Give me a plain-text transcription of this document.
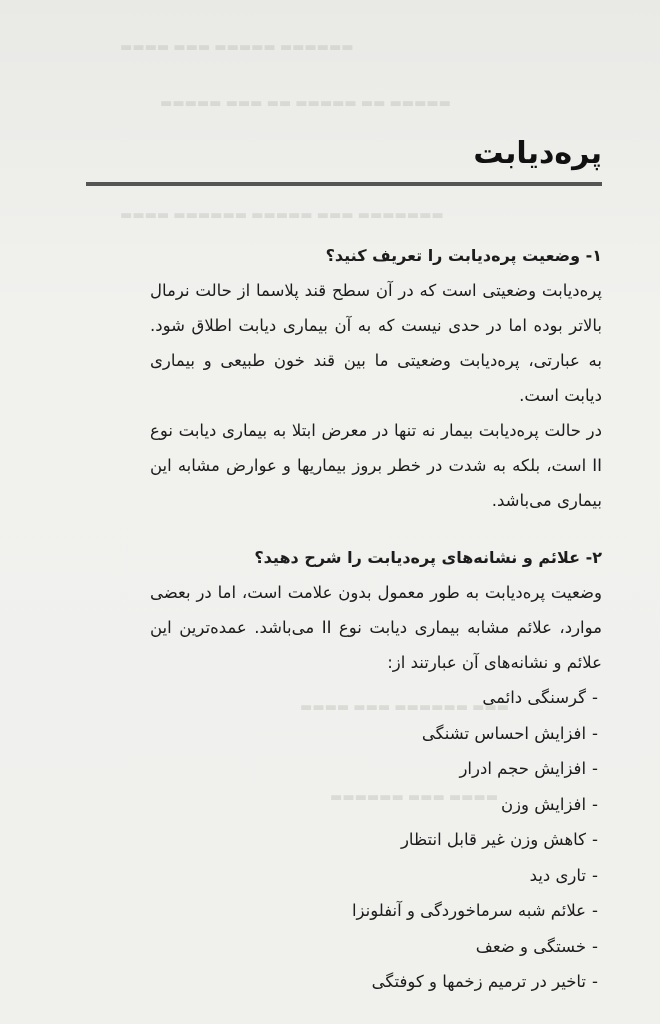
▬▬▬▬ ▬▬▬ ▬▬▬▬▬ ▬▬▬▬▬▬
▬▬▬▬▬ ▬▬▬ ▬▬ ▬▬▬▬▬ ▬▬ ▬▬▬▬▬
▬▬▬▬ ▬▬▬▬▬▬ ▬▬▬▬▬ ▬▬▬ ▬▬▬▬▬▬▬
▬▬▬▬ ▬▬▬ ▬▬▬▬▬▬ ▬▬▬
▬▬▬▬▬▬ ▬▬▬ ▬▬▬▬
پره‌دیابت

۱- وضعیت پره‌دیابت را تعریف کنید؟

پره‌دیابت وضعیتی است که در آن سطح قند پلاسما از حالت نرمال بالاتر بوده اما در حدی نیست که به آن بیماری دیابت اطلاق شود. به عبارتی، پره‌دیابت وضعیتی ما بین قند خون طبیعی و بیماری دیابت است.

در حالت پره‌دیابت بیمار نه تنها در معرض ابتلا به بیماری دیابت نوع II است، بلکه به شدت در خطر بروز بیماریها و عوارض مشابه این بیماری می‌باشد.

۲- علائم و نشانه‌های پره‌دیابت را شرح دهید؟

وضعیت پره‌دیابت به طور معمول بدون علامت است، اما در بعضی موارد، علائم مشابه بیماری دیابت نوع II می‌باشد. عمده‌ترین این علائم و نشانه‌های آن عبارتند از:

-گرسنگی دائمی
-افزایش احساس تشنگی
-افزایش حجم ادرار
-افزایش وزن
-کاهش وزن غیر قابل انتظار
-تاری دید
-علائم شبه سرماخوردگی و آنفلونزا
-خستگی و ضعف
-تاخیر در ترمیم زخمها و کوفتگی
